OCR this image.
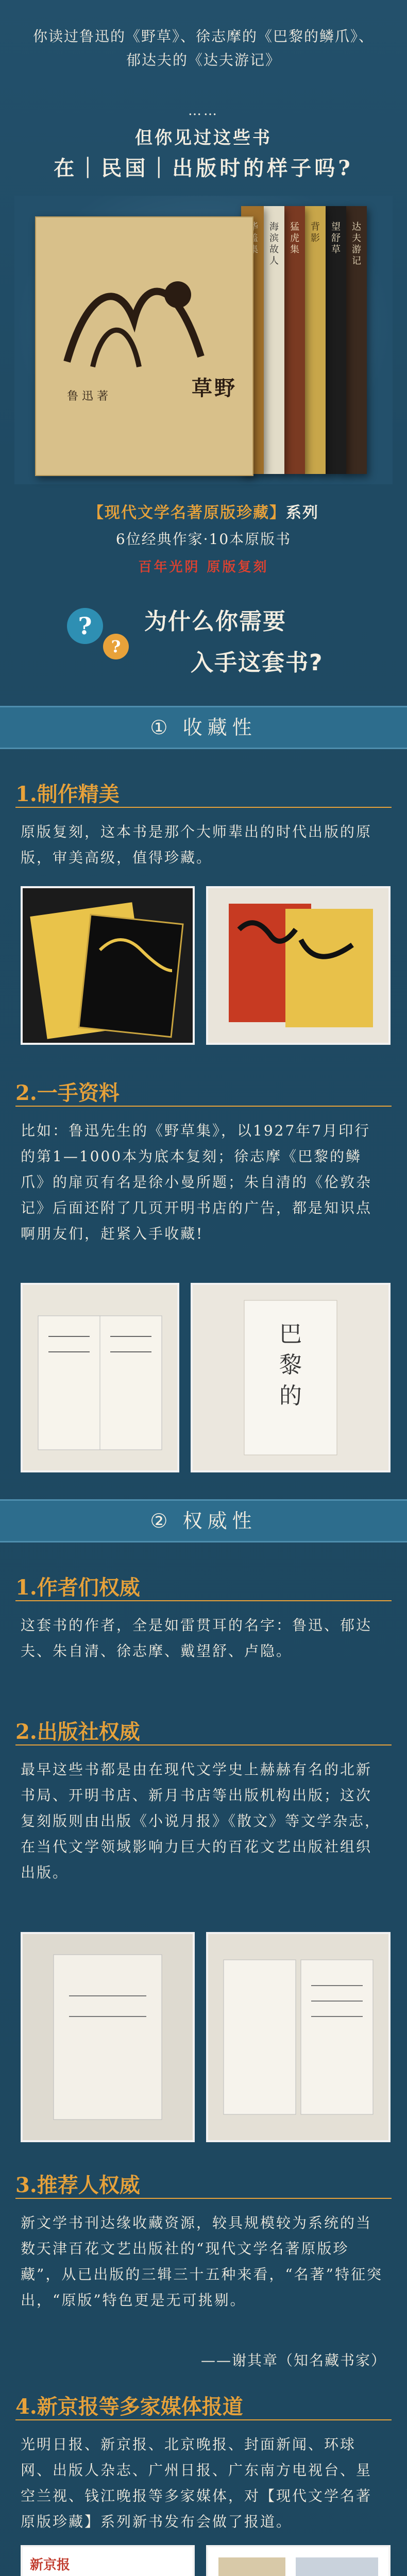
你读过鲁迅的《野草》、徐志摩的《巴黎的鳞爪》、
郁达夫的《达夫游记》
……
但你见过这些书
在｜民国｜出版时的样子吗?
达夫游记
望舒草
背影
猛虎集
海滨故人
鲁 迅 著	草野
【现代文学名著原版珍藏】系列
6位经典作家·10本原版书
百年光阴 原版复刻
?
?
为什么你需要
入手这套书?
① 收藏性
1.制作精美
原版复刻，这本书是那个大师辈出的时代出版的原版，审美高级，值得珍藏。
2.一手资料
比如：鲁迅先生的《野草集》，以1927年7月印行的第1—1000本为底本复刻；徐志摩《巴黎的鳞爪》的扉页有名是徐小曼所题；朱自清的《伦敦杂记》后面还附了几页开明书店的广告，都是知识点啊朋友们，赶紧入手收藏!
巴
黎
的
② 权威性
1.作者们权威
这套书的作者，全是如雷贯耳的名字：鲁迅、郁达夫、朱自清、徐志摩、戴望舒、卢隐。
2.出版社权威
最早这些书都是由在现代文学史上赫赫有名的北新书局、开明书店、新月书店等出版机构出版；这次复刻版则由出版《小说月报》《散文》等文学杂志，在当代文学领域影响力巨大的百花文艺出版社组织出版。
3.推荐人权威
新文学书刊达缘收藏资源，较具规模较为系统的当数天津百花文艺出版社的“现代文学名著原版珍藏”，从已出版的三辑三十五种来看，“名著”特征突出，“原版”特色更是无可挑剔。
——谢其章（知名藏书家）
4.新京报等多家媒体报道
光明日报、新京报、北京晚报、封面新闻、环球网、出版人杂志、广州日报、广东南方电视台、星空兰视、钱江晚报等多家媒体，对【现代文学名著原版珍藏】系列新书发布会做了报道。
新京报
